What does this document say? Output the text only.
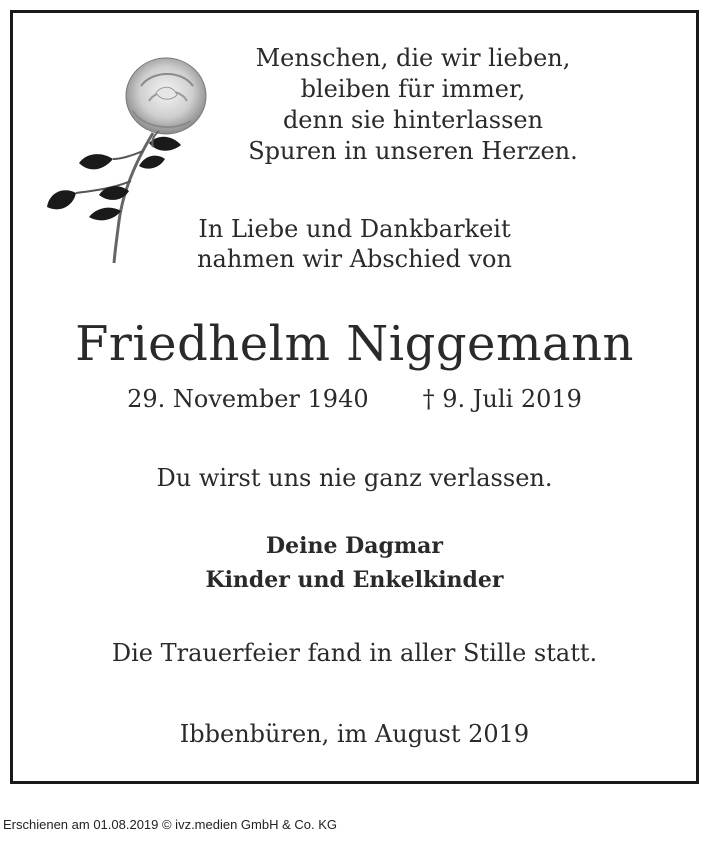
Menschen, die wir lieben,
bleiben für immer,
denn sie hinterlassen
Spuren in unseren Herzen.
In Liebe und Dankbarkeit
nahmen wir Abschied von
Friedhelm Niggemann
29. November 1940 † 9. Juli 2019
Du wirst uns nie ganz verlassen.
Deine Dagmar
Kinder und Enkelkinder
Die Trauerfeier fand in aller Stille statt.
Ibbenbüren, im August 2019
Erschienen am 01.08.2019 © ivz.medien GmbH & Co. KG
